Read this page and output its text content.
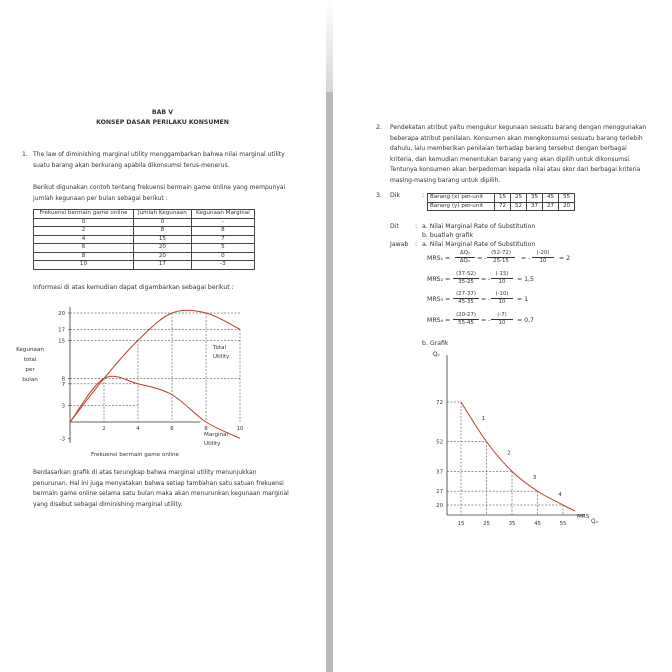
BAB V
KONSEP DASAR PERILAKU KONSUMEN
1. The law of diminishing marginal utility menggambarkan bahwa nilai marginal utility suatu barang akan berkurang apabila dikonsumsi terus-menerus.
Berikut digunakan contoh tentang frekuensi bermain game online yang mempunyai jumlah kegunaan per bulan sebagai berikut :
Frekuensi bermain game online	Jumlah Kegunaan	Kegunaan Marginal
0	0	-
2	8	8
4	15	7
6	20	5
8	20	0
10	17	-3
Informasi di atas kemudian dapat digambarkan sebagai berikut :
-3
3
7
8
15
17
20
2	4	6	8	10
Kegunaan
total
per
bulan
Total
Utility
Marginal
Utility
Frekuensi bermain game online
Berdasarkan grafik di atas terungkap bahwa marginal utility menunjukkan penurunan. Hal ini juga menyatakan bahwa setiap tambahan satu satuan frekuensi bermain game online selama satu bulan maka akan menurunkan kegunaan marginal yang disebut sebagai diminishing marginal utility.
2. Pendekatan atribut yaitu mengukur kegunaan sesuatu barang dengan menggunakan beberapa atribut penilaian. Konsumen akan mengkonsumsi sesuatu barang terlebih dahulu, lalu memberikan penilaian terhadap barang tersebut dengan berbagai kriteria, dan kemudian menentukan barang yang akan dipilih untuk dikonsumsi. Tentunya konsumen akan berpedoman kepada nilai atau skor dari berbagai kriteria masing-masing barang untuk dipilih.
3. Dik	: Barang (x) per-unit	15	25	35	45	55
Barang (y) per-unit	72	52	37	27	20
Dit	: a. Nilai Marginal Rate of Substitution
b. buatlah grafik
Jawab : a. Nilai Marginal Rate of Substitution
MRS₁ =
ΔQᵧ
ΔQₓ	= - $\frac{(52-72)}{25-15}$ = - $\frac{(-20)}{10} = 2$
$MRS_2 = \frac{(37-52)}{35-25}$ = - $\frac{(-15)}{10} = 1,5$
$MRS_3 = \frac{(27-37)}{45-35}$ = - $\frac{(-10)}{10} = 1$
$MRS_4 = \frac{(20-27)}{55-45}$ = - $\frac{(-7)}{10} = 0,7$
b. Grafik
Qᵧ
Qₓ
20
27
37
52
72
15	25	35	45	55
MRS
1
2
3
4
